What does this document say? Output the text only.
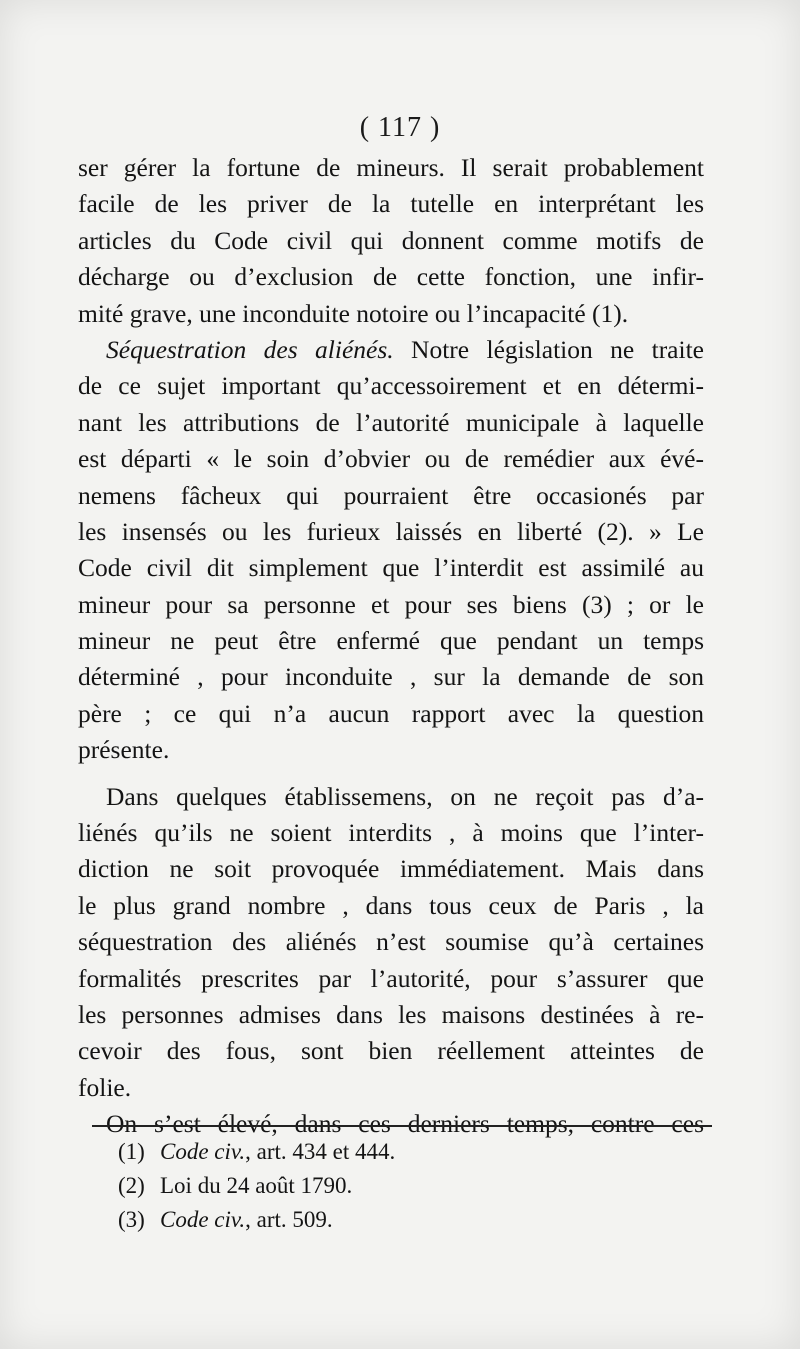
( 117 )
ser gérer la fortune de mineurs. Il serait probablement
facile de les priver de la tutelle en interprétant les
articles du Code civil qui donnent comme motifs de
décharge ou d’exclusion de cette fonction, une infir-
mité grave, une inconduite notoire ou l’incapacité (1).
Séquestration des aliénés. Notre législation ne traite
de ce sujet important qu’accessoirement et en détermi-
nant les attributions de l’autorité municipale à laquelle
est départi « le soin d’obvier ou de remédier aux évé-
nemens fâcheux qui pourraient être occasionés par
les insensés ou les furieux laissés en liberté (2). » Le
Code civil dit simplement que l’interdit est assimilé au
mineur pour sa personne et pour ses biens (3) ; or le
mineur ne peut être enfermé que pendant un temps
déterminé , pour inconduite , sur la demande de son
père ; ce qui n’a aucun rapport avec la question
présente.
Dans quelques établissemens, on ne reçoit pas d’a-
liénés qu’ils ne soient interdits , à moins que l’inter-
diction ne soit provoquée immédiatement. Mais dans
le plus grand nombre , dans tous ceux de Paris , la
séquestration des aliénés n’est soumise qu’à certaines
formalités prescrites par l’autorité, pour s’assurer que
les personnes admises dans les maisons destinées à re-
cevoir des fous, sont bien réellement atteintes de
folie.
On s’est élevé, dans ces derniers temps, contre ces
(1) Code civ., art. 434 et 444.
(2) Loi du 24 août 1790.
(3) Code civ., art. 509.
